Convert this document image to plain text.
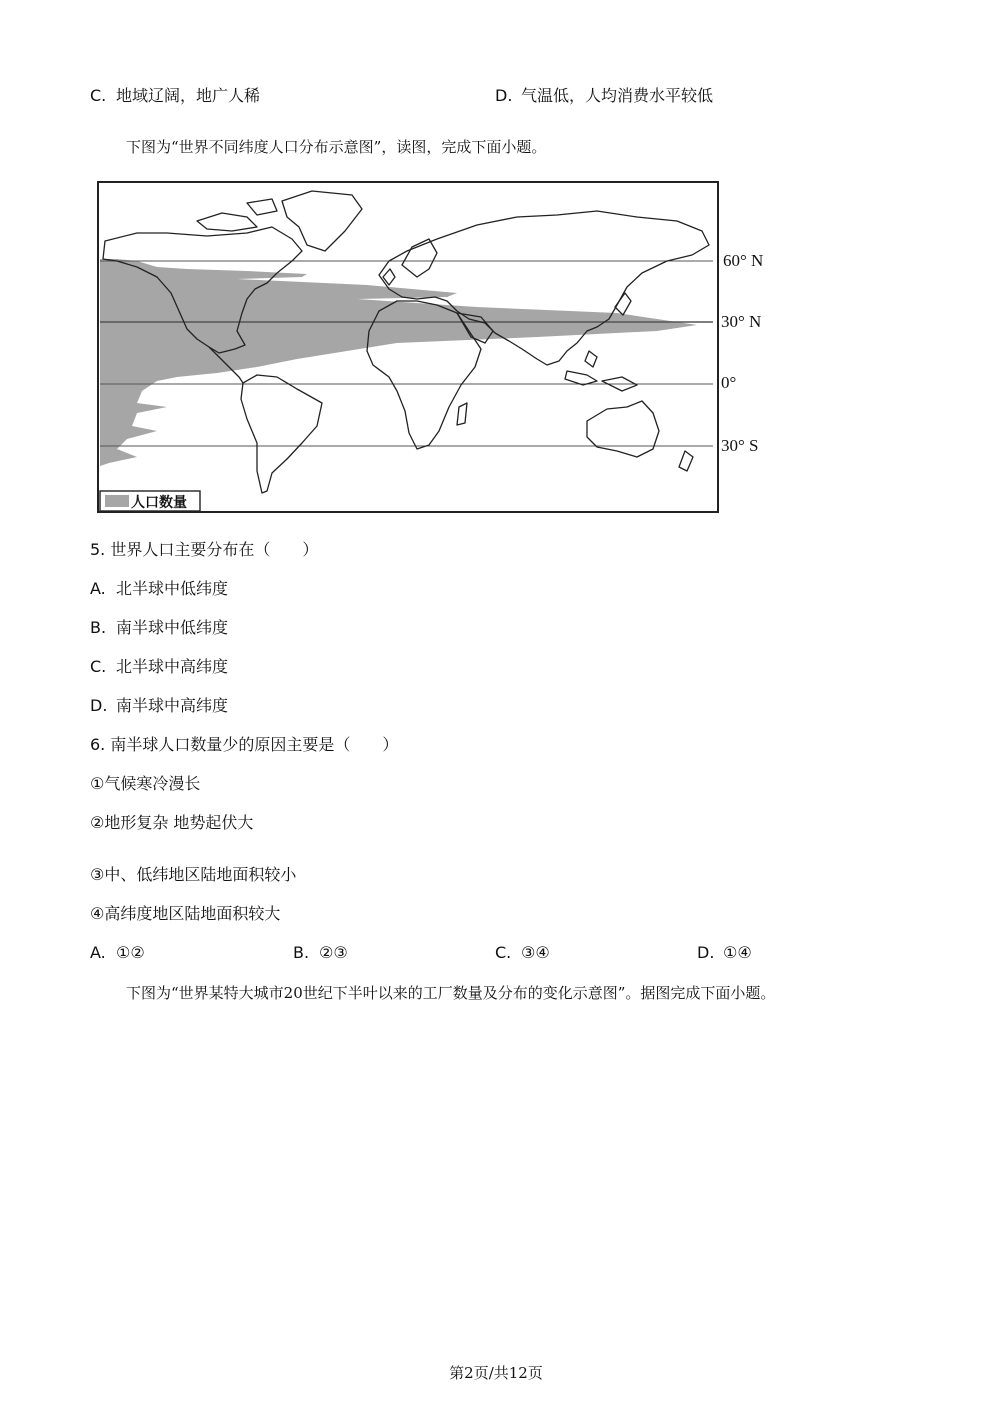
C. 地域辽阔，地广人稀	D. 气温低，人均消费水平较低
下图为“世界不同纬度人口分布示意图”，读图，完成下面小题。
人口数量
60° N
30° N
0°
30° S
5. 世界人口主要分布在（　　）
A. 北半球中低纬度
B. 南半球中低纬度
C. 北半球中高纬度
D. 南半球中高纬度
6. 南半球人口数量少的原因主要是（　　）
①气候寒冷漫长
②地形复杂 地势起伏大
③中、低纬地区陆地面积较小
④高纬度地区陆地面积较大
A. ①②	B. ②③	C. ③④	D. ①④
下图为“世界某特大城市20世纪下半叶以来的工厂数量及分布的变化示意图”。据图完成下面小题。
第2页/共12页
